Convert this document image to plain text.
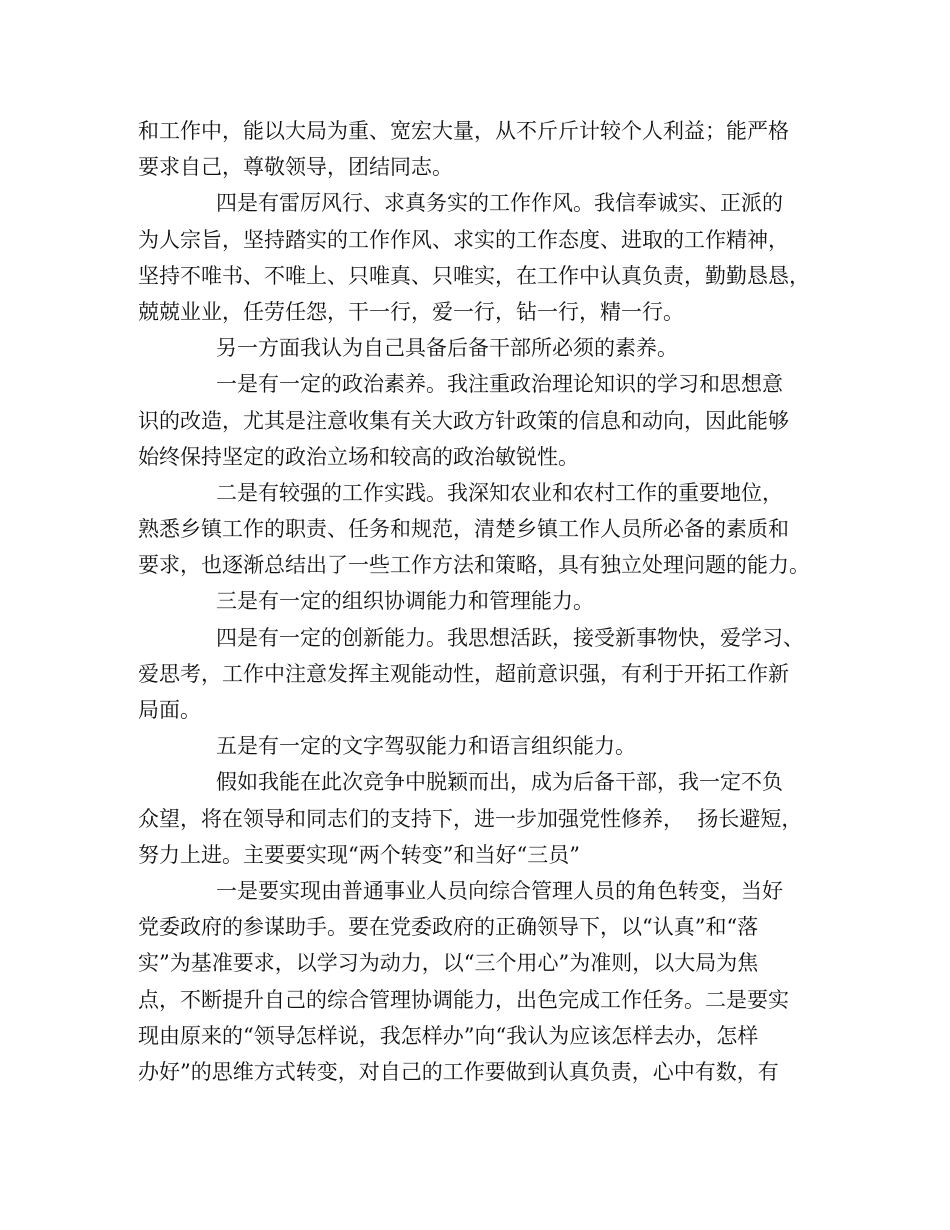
和工作中，能以大局为重、宽宏大量，从不斤斤计较个人利益；能严格
要求自己，尊敬领导，团结同志。
四是有雷厉风行、求真务实的工作作风。我信奉诚实、正派的
为人宗旨，坚持踏实的工作作风、求实的工作态度、进取的工作精神，
坚持不唯书、不唯上、只唯真、只唯实，在工作中认真负责，勤勤恳恳，
兢兢业业，任劳任怨，干一行，爱一行，钻一行，精一行。
另一方面我认为自己具备后备干部所必须的素养。
一是有一定的政治素养。我注重政治理论知识的学习和思想意
识的改造，尤其是注意收集有关大政方针政策的信息和动向，因此能够
始终保持坚定的政治立场和较高的政治敏锐性。
二是有较强的工作实践。我深知农业和农村工作的重要地位，
熟悉乡镇工作的职责、任务和规范，清楚乡镇工作人员所必备的素质和
要求，也逐渐总结出了一些工作方法和策略，具有独立处理问题的能力。
三是有一定的组织协调能力和管理能力。
四是有一定的创新能力。我思想活跃，接受新事物快，爱学习、
爱思考，工作中注意发挥主观能动性，超前意识强，有利于开拓工作新
局面。
五是有一定的文字驾驭能力和语言组织能力。
假如我能在此次竞争中脱颖而出，成为后备干部，我一定不负
众望，将在领导和同志们的支持下，进一步加强党性修养，  扬长避短，
努力上进。主要要实现“两个转变”和当好“三员”
一是要实现由普通事业人员向综合管理人员的角色转变，当好
党委政府的参谋助手。要在党委政府的正确领导下，以“认真”和“落
实”为基准要求，以学习为动力，以“三个用心”为准则，以大局为焦
点，不断提升自己的综合管理协调能力，出色完成工作任务。二是要实
现由原来的“领导怎样说，我怎样办”向“我认为应该怎样去办，怎样
办好”的思维方式转变，对自己的工作要做到认真负责，心中有数，有
